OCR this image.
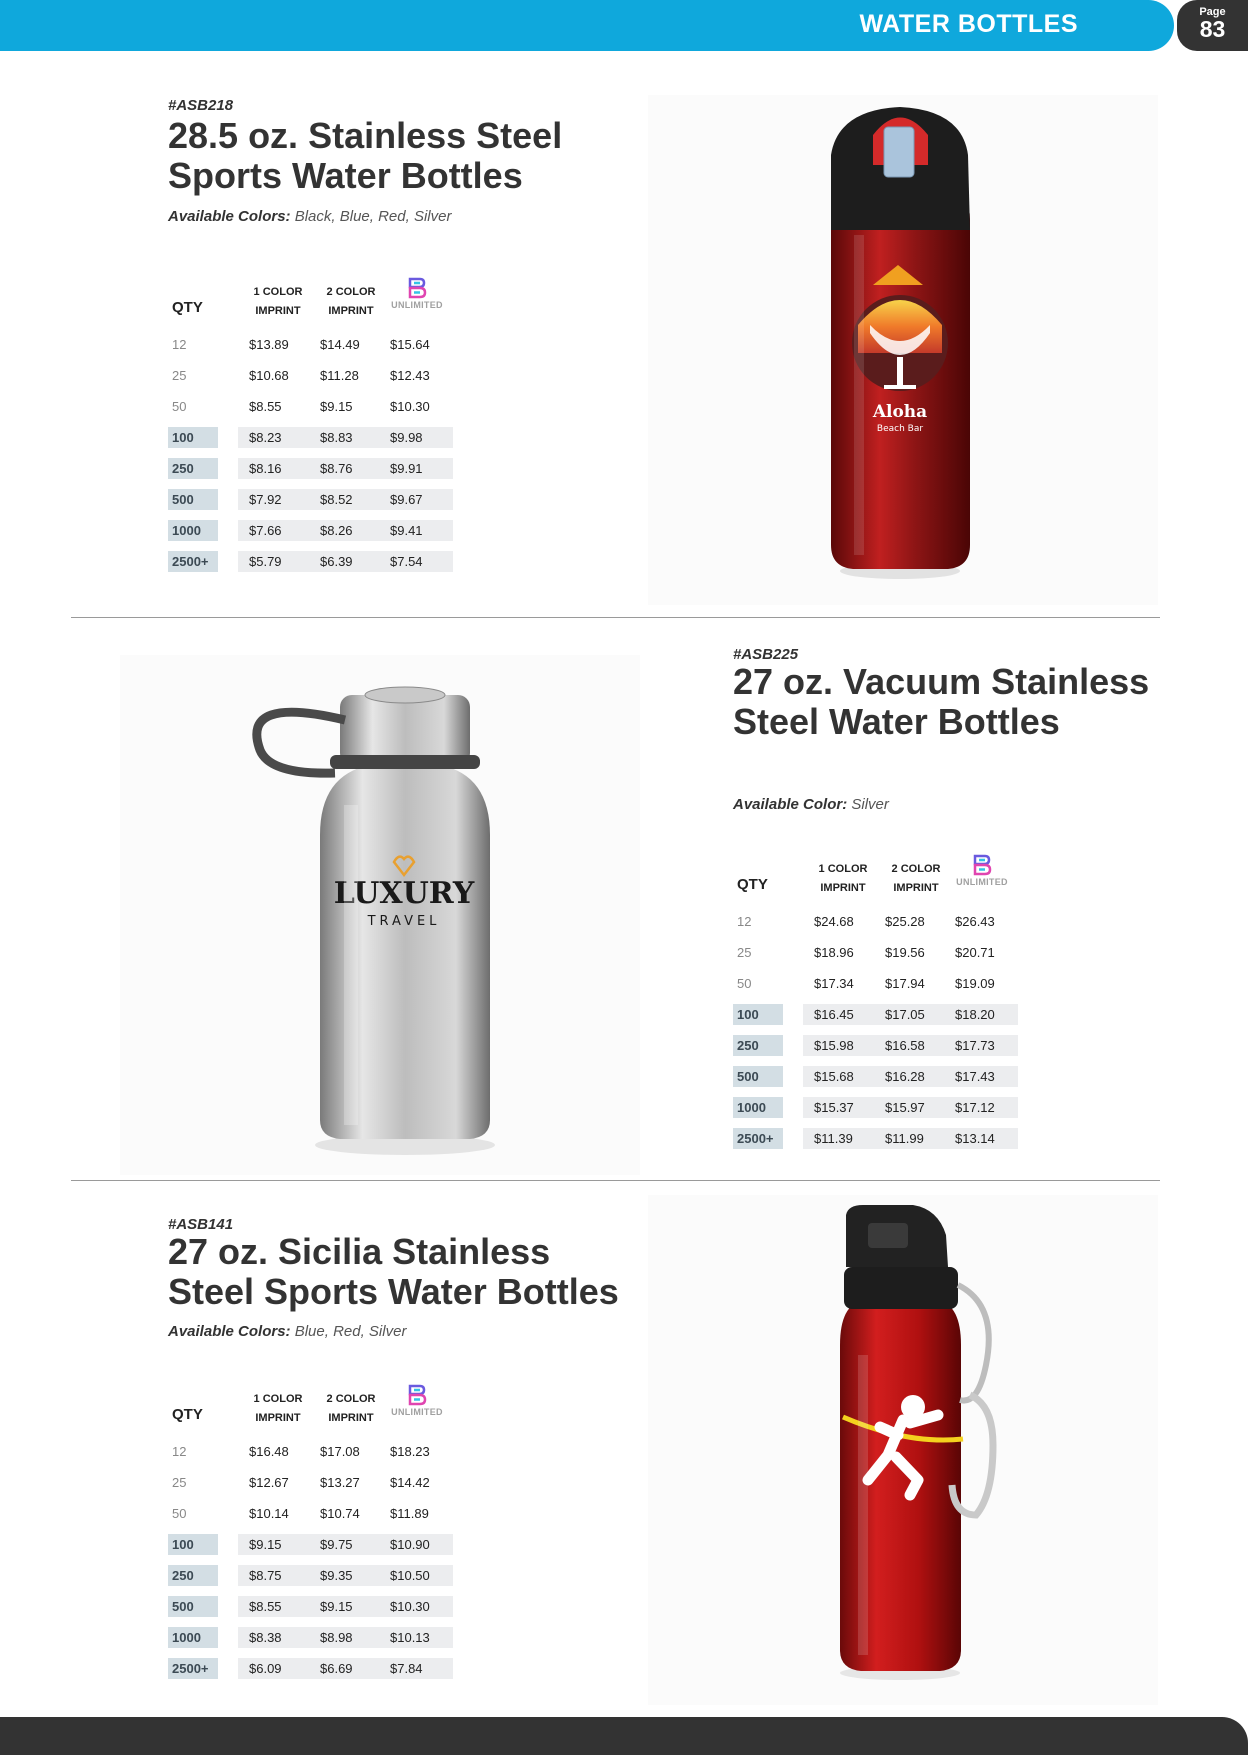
WATER BOTTLES	Page
83
#ASB218
28.5 oz. Stainless Steel
Sports Water Bottles
Available Colors: Black, Blue, Red, Silver
QTY
1 COLOR
IMPRINT
2 COLOR
IMPRINT	UNLIMITED
12	$13.89	$14.49	$15.64
25	$10.68	$11.28	$12.43
50	$8.55	$9.15	$10.30
100	$8.23	$8.83	$9.98
250	$8.16	$8.76	$9.91
500	$7.92	$8.52	$9.67
1000	$7.66	$8.26	$9.41
2500+	$5.79	$6.39	$7.54
Aloha
Beach Bar
LUXURY
TRAVEL
#ASB225
27 oz. Vacuum Stainless
Steel Water Bottles
Available Color: Silver
QTY
1 COLOR
IMPRINT
2 COLOR
IMPRINT	UNLIMITED
12	$24.68	$25.28	$26.43
25	$18.96	$19.56	$20.71
50	$17.34	$17.94	$19.09
100	$16.45	$17.05	$18.20
250	$15.98	$16.58	$17.73
500	$15.68	$16.28	$17.43
1000	$15.37	$15.97	$17.12
2500+	$11.39	$11.99	$13.14
#ASB141
27 oz. Sicilia Stainless
Steel Sports Water Bottles
Available Colors: Blue, Red, Silver
QTY
1 COLOR
IMPRINT
2 COLOR
IMPRINT	UNLIMITED
12	$16.48	$17.08	$18.23
25	$12.67	$13.27	$14.42
50	$10.14	$10.74	$11.89
100	$9.15	$9.75	$10.90
250	$8.75	$9.35	$10.50
500	$8.55	$9.15	$10.30
1000	$8.38	$8.98	$10.13
2500+	$6.09	$6.69	$7.84
